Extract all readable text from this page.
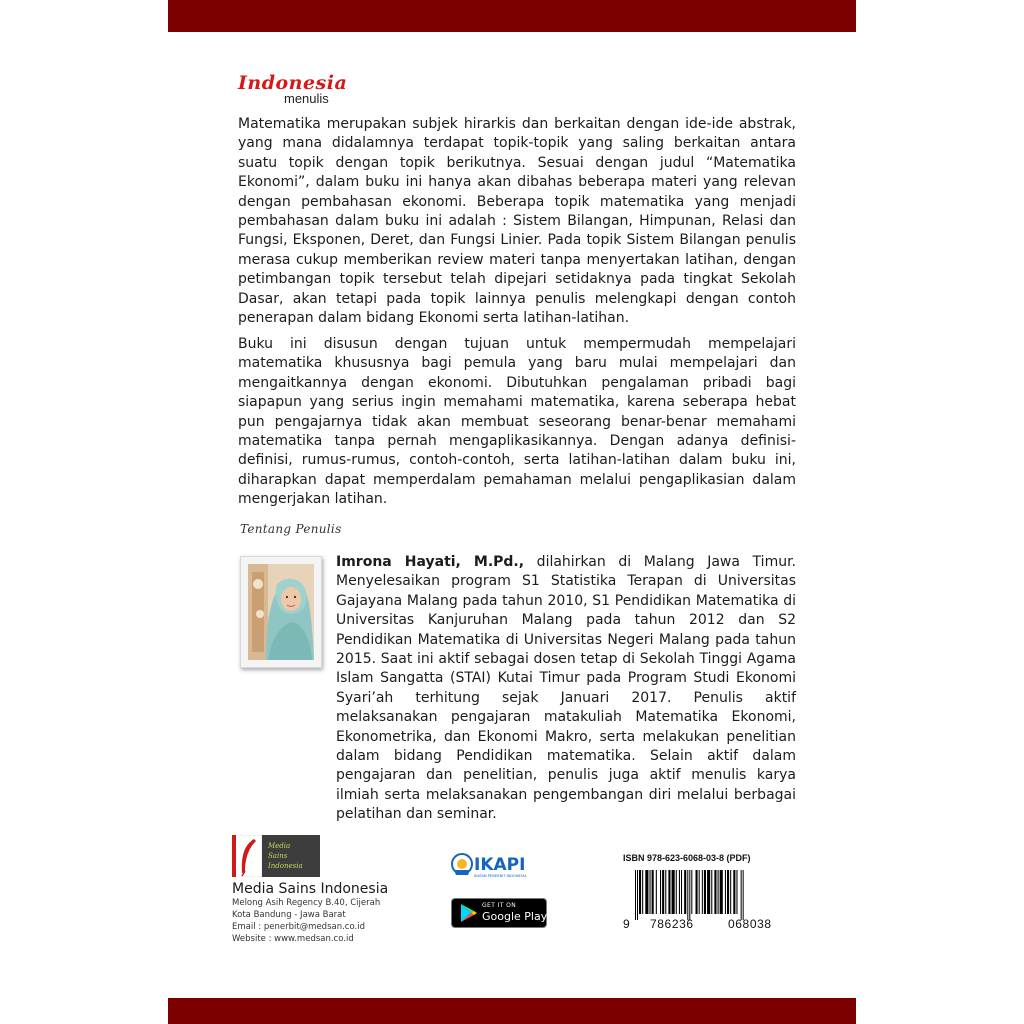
Indonesia
menulis

Matematika merupakan subjek hirarkis dan berkaitan dengan ide-ide abstrak, yang mana didalamnya terdapat topik-topik yang saling berkaitan antara suatu topik dengan topik berikutnya. Sesuai dengan judul “Matematika Ekonomi”, dalam buku ini hanya akan dibahas beberapa materi yang relevan dengan pembahasan ekonomi. Beberapa topik matematika yang menjadi pembahasan dalam buku ini adalah : Sistem Bilangan, Himpunan, Relasi dan Fungsi, Eksponen, Deret, dan Fungsi Linier. Pada topik Sistem Bilangan penulis merasa cukup memberikan review materi tanpa menyertakan latihan, dengan petimbangan topik tersebut telah dipejari setidaknya pada tingkat Sekolah Dasar, akan tetapi pada topik lainnya penulis melengkapi dengan contoh penerapan dalam bidang Ekonomi serta latihan-latihan.

Buku ini disusun dengan tujuan untuk mempermudah mempelajari matematika khususnya bagi pemula yang baru mulai mempelajari dan mengaitkannya dengan ekonomi. Dibutuhkan pengalaman pribadi bagi siapapun yang serius ingin memahami matematika, karena seberapa hebat pun pengajarnya tidak akan membuat seseorang benar-benar memahami matematika tanpa pernah mengaplikasikannya. Dengan adanya definisi-definisi, rumus-rumus, contoh-contoh, serta latihan-latihan dalam buku ini, diharapkan dapat memperdalam pemahaman melalui pengaplikasian dalam mengerjakan latihan.

Tentang Penulis

Imrona Hayati, M.Pd., dilahirkan di Malang Jawa Timur. Menyelesaikan program S1 Statistika Terapan di Universitas Gajayana Malang pada tahun 2010, S1 Pendidikan Matematika di Universitas Kanjuruhan Malang pada tahun 2012 dan S2 Pendidikan Matematika di Universitas Negeri Malang pada tahun 2015. Saat ini aktif sebagai dosen tetap di Sekolah Tinggi Agama Islam Sangatta (STAI) Kutai Timur pada Program Studi Ekonomi Syari’ah terhitung sejak Januari 2017. Penulis aktif melaksanakan pengajaran matakuliah Matematika Ekonomi, Ekonometrika, dan Ekonomi Makro, serta melakukan penelitian dalam bidang Pendidikan matematika. Selain aktif dalam pengajaran dan penelitian, penulis juga aktif menulis karya ilmiah serta melaksanakan pengembangan diri melalui berbagai pelatihan dan seminar.

Media
Sains
Indonesia
Media Sains Indonesia
Melong Asih Regency B.40, Cijerah
Kota Bandung - Jawa Barat
Email : penerbit@medsan.co.id
Website : www.medsan.co.id
IKAPI
IKATAN PENERBIT INDONESIA
GET IT ON
Google Play
ISBN 978-623-6068-03-8 (PDF)
9 786236	068038
